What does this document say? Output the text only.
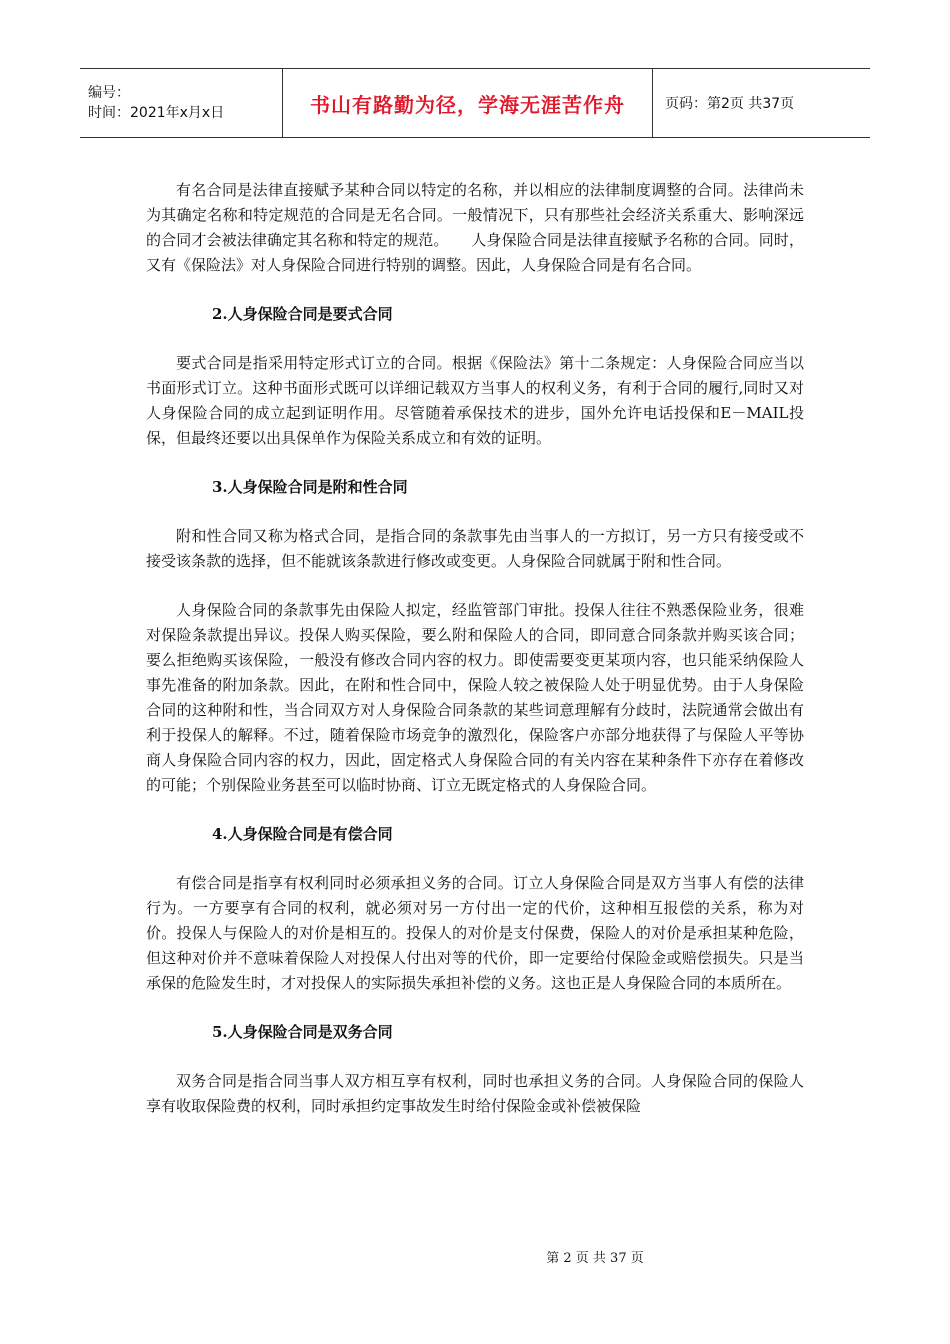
编号：
时间：2021年x月x日	书山有路勤为径，学海无涯苦作舟	页码：第2页 共37页

有名合同是法律直接赋予某种合同以特定的名称，并以相应的法律制度调整的合同。法律尚未为其确定名称和特定规范的合同是无名合同。一般情况下，只有那些社会经济关系重大、影响深远的合同才会被法律确定其名称和特定的规范。　　人身保险合同是法律直接赋予名称的合同。同时，又有《保险法》对人身保险合同进行特别的调整。因此，人身保险合同是有名合同。

2.人身保险合同是要式合同

要式合同是指采用特定形式订立的合同。根据《保险法》第十二条规定：人身保险合同应当以书面形式订立。这种书面形式既可以详细记载双方当事人的权利义务，有利于合同的履行,同时又对人身保险合同的成立起到证明作用。尽管随着承保技术的进步，国外允许电话投保和E－MAIL投保，但最终还要以出具保单作为保险关系成立和有效的证明。

3.人身保险合同是附和性合同

附和性合同又称为格式合同，是指合同的条款事先由当事人的一方拟订，另一方只有接受或不接受该条款的选择，但不能就该条款进行修改或变更。人身保险合同就属于附和性合同。

人身保险合同的条款事先由保险人拟定，经监管部门审批。投保人往往不熟悉保险业务，很难对保险条款提出异议。投保人购买保险，要么附和保险人的合同，即同意合同条款并购买该合同；要么拒绝购买该保险，一般没有修改合同内容的权力。即使需要变更某项内容，也只能采纳保险人事先准备的附加条款。因此，在附和性合同中，保险人较之被保险人处于明显优势。由于人身保险合同的这种附和性，当合同双方对人身保险合同条款的某些词意理解有分歧时，法院通常会做出有利于投保人的解释。不过，随着保险市场竞争的激烈化，保险客户亦部分地获得了与保险人平等协商人身保险合同内容的权力，因此，固定格式人身保险合同的有关内容在某种条件下亦存在着修改的可能；个别保险业务甚至可以临时协商、订立无既定格式的人身保险合同。

4.人身保险合同是有偿合同

有偿合同是指享有权利同时必须承担义务的合同。订立人身保险合同是双方当事人有偿的法律行为。一方要享有合同的权利，就必须对另一方付出一定的代价，这种相互报偿的关系，称为对价。投保人与保险人的对价是相互的。投保人的对价是支付保费，保险人的对价是承担某种危险，但这种对价并不意味着保险人对投保人付出对等的代价，即一定要给付保险金或赔偿损失。只是当承保的危险发生时，才对投保人的实际损失承担补偿的义务。这也正是人身保险合同的本质所在。

5.人身保险合同是双务合同

双务合同是指合同当事人双方相互享有权利，同时也承担义务的合同。人身保险合同的保险人享有收取保险费的权利，同时承担约定事故发生时给付保险金或补偿被保险

第 2 页 共 37 页
